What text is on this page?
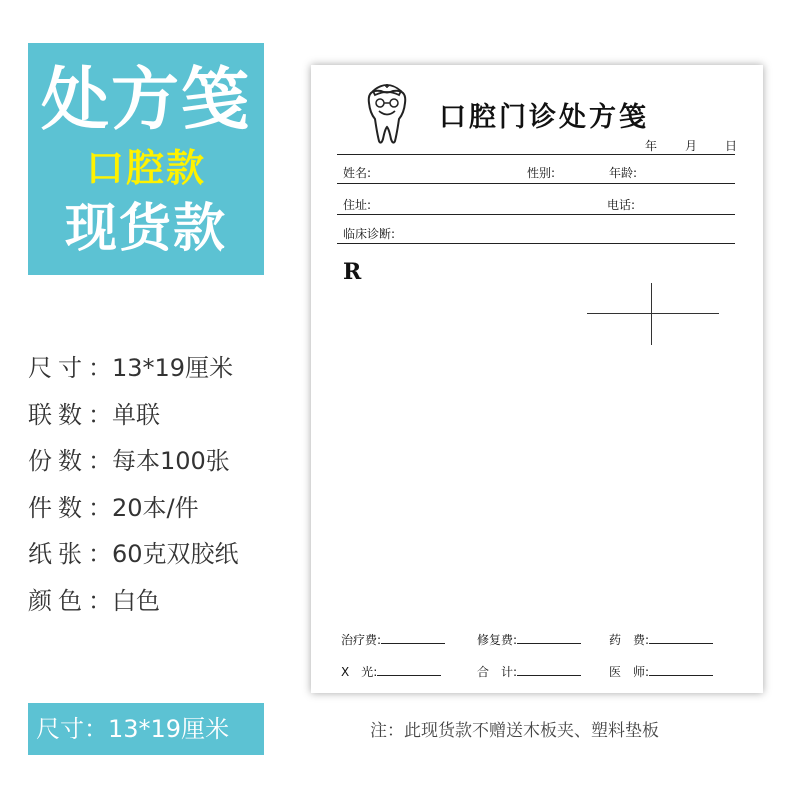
处方笺
口腔款
现货款
尺寸：13*19厘米
联数：单联
份数：每本100张
件数：20本/件
纸张：60克双胶纸
颜色：白色
尺寸：13*19厘米
口腔门诊处方笺
年 月 日
姓名:	性别:	年龄:
住址:	电话:
临床诊断:
R
治疗费:	修复费:	药　费:
X　光:	合　计:	医　师:
注：此现货款不赠送木板夹、塑料垫板
